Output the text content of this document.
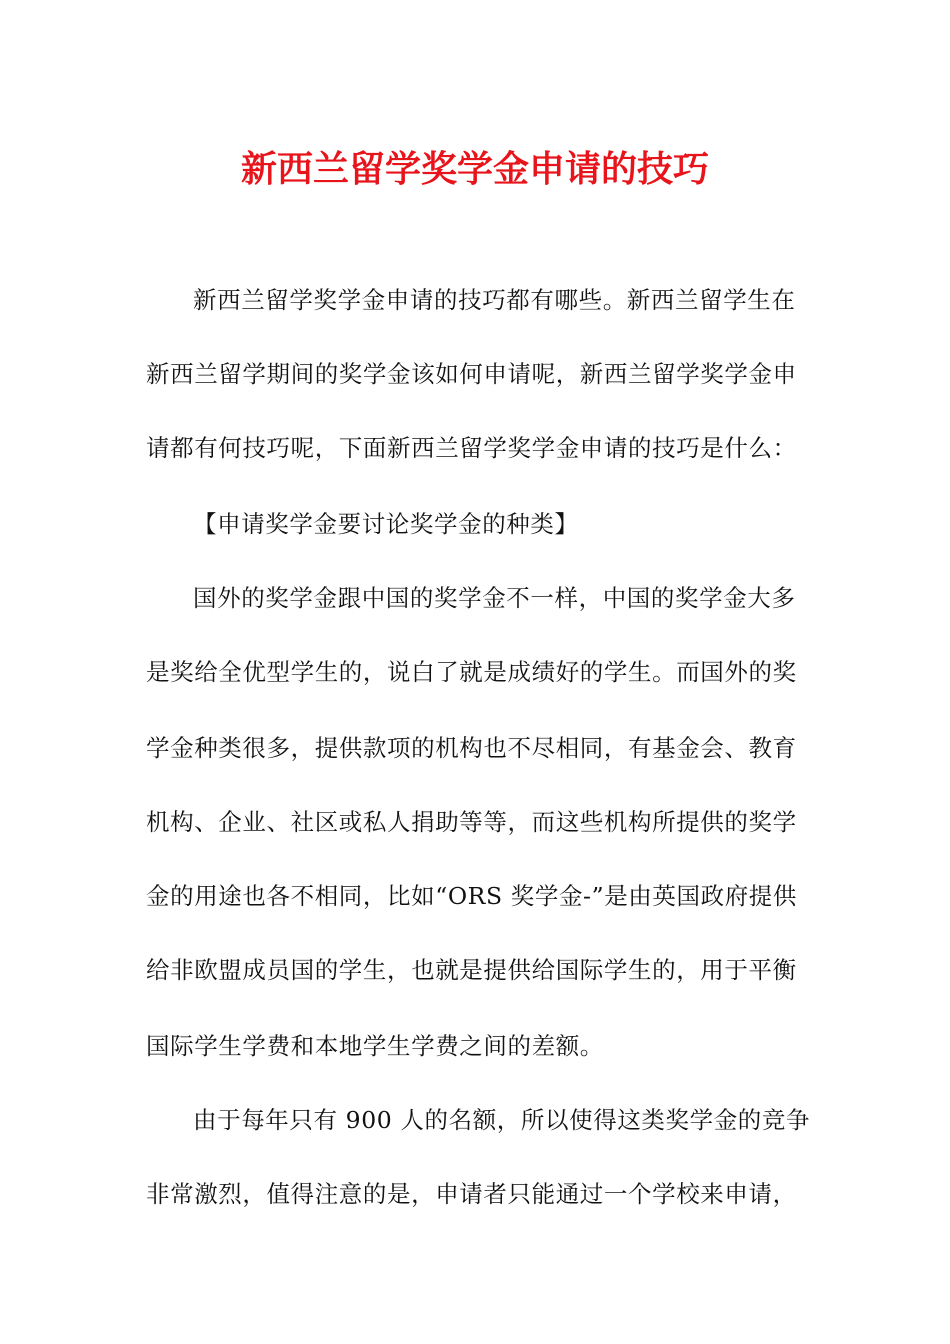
新西兰留学奖学金申请的技巧
新西兰留学奖学金申请的技巧都有哪些。新西兰留学生在
新西兰留学期间的奖学金该如何申请呢，新西兰留学奖学金申
请都有何技巧呢，下面新西兰留学奖学金申请的技巧是什么：
【申请奖学金要讨论奖学金的种类】
国外的奖学金跟中国的奖学金不一样，中国的奖学金大多
是奖给全优型学生的，说白了就是成绩好的学生。而国外的奖
学金种类很多，提供款项的机构也不尽相同，有基金会、教育
机构、企业、社区或私人捐助等等，而这些机构所提供的奖学
金的用途也各不相同，比如“ORS 奖学金-”是由英国政府提供
给非欧盟成员国的学生，也就是提供给国际学生的，用于平衡
国际学生学费和本地学生学费之间的差额。
由于每年只有 900 人的名额，所以使得这类奖学金的竞争
非常激烈，值得注意的是，申请者只能通过一个学校来申请，
